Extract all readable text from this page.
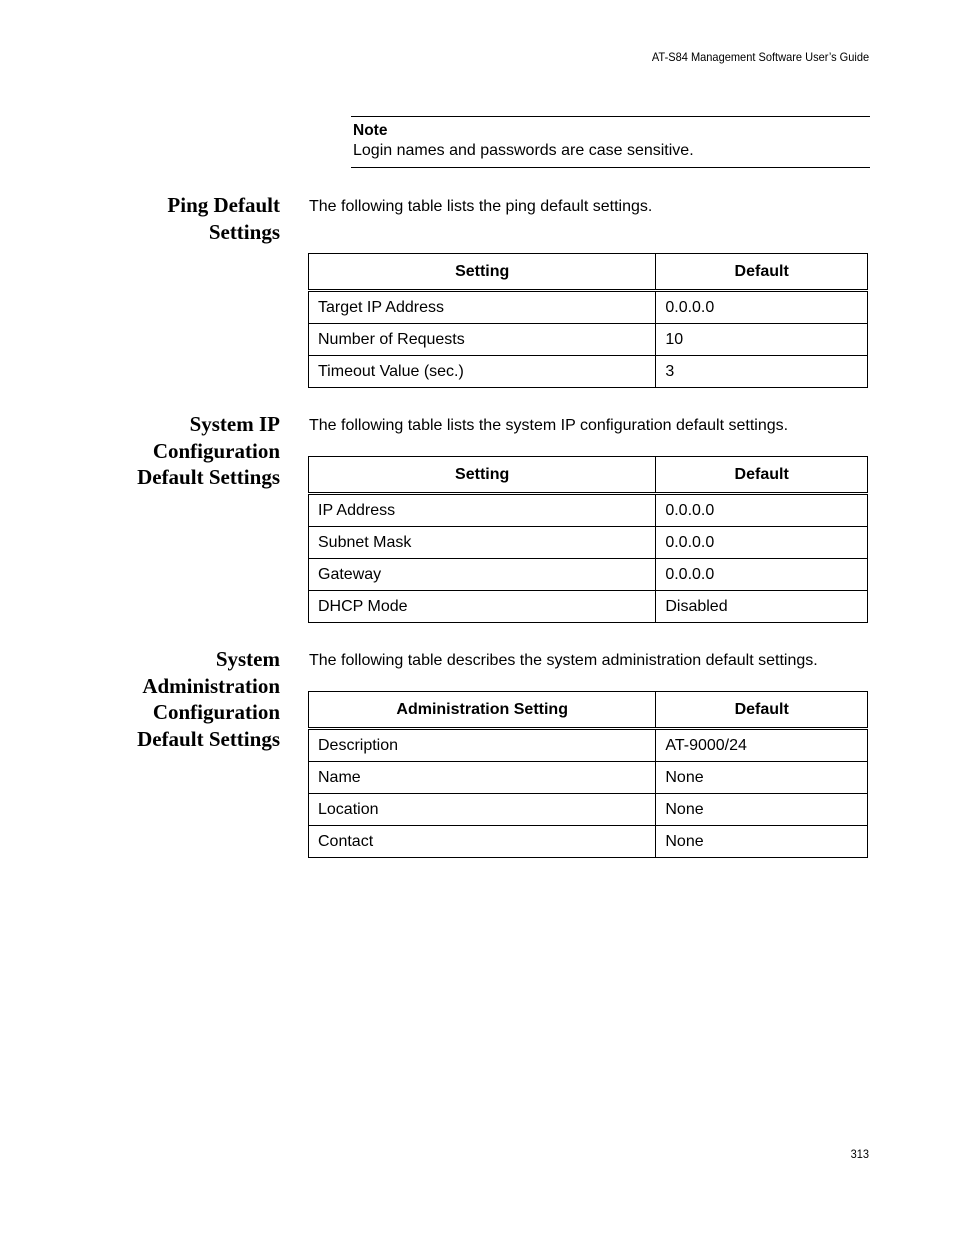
AT-S84 Management Software User’s Guide
Note
Login names and passwords are case sensitive.
Ping Default
Settings
The following table lists the ping default settings.
Setting	Default
Target IP Address	0.0.0.0
Number of Requests	10
Timeout Value (sec.)	3
System IP
Configuration
Default Settings
The following table lists the system IP configuration default settings.
Setting	Default
IP Address	0.0.0.0
Subnet Mask	0.0.0.0
Gateway	0.0.0.0
DHCP Mode	Disabled
System
Administration
Configuration
Default Settings
The following table describes the system administration default settings.
Administration Setting	Default
Description	AT-9000/24
Name	None
Location	None
Contact	None
313
